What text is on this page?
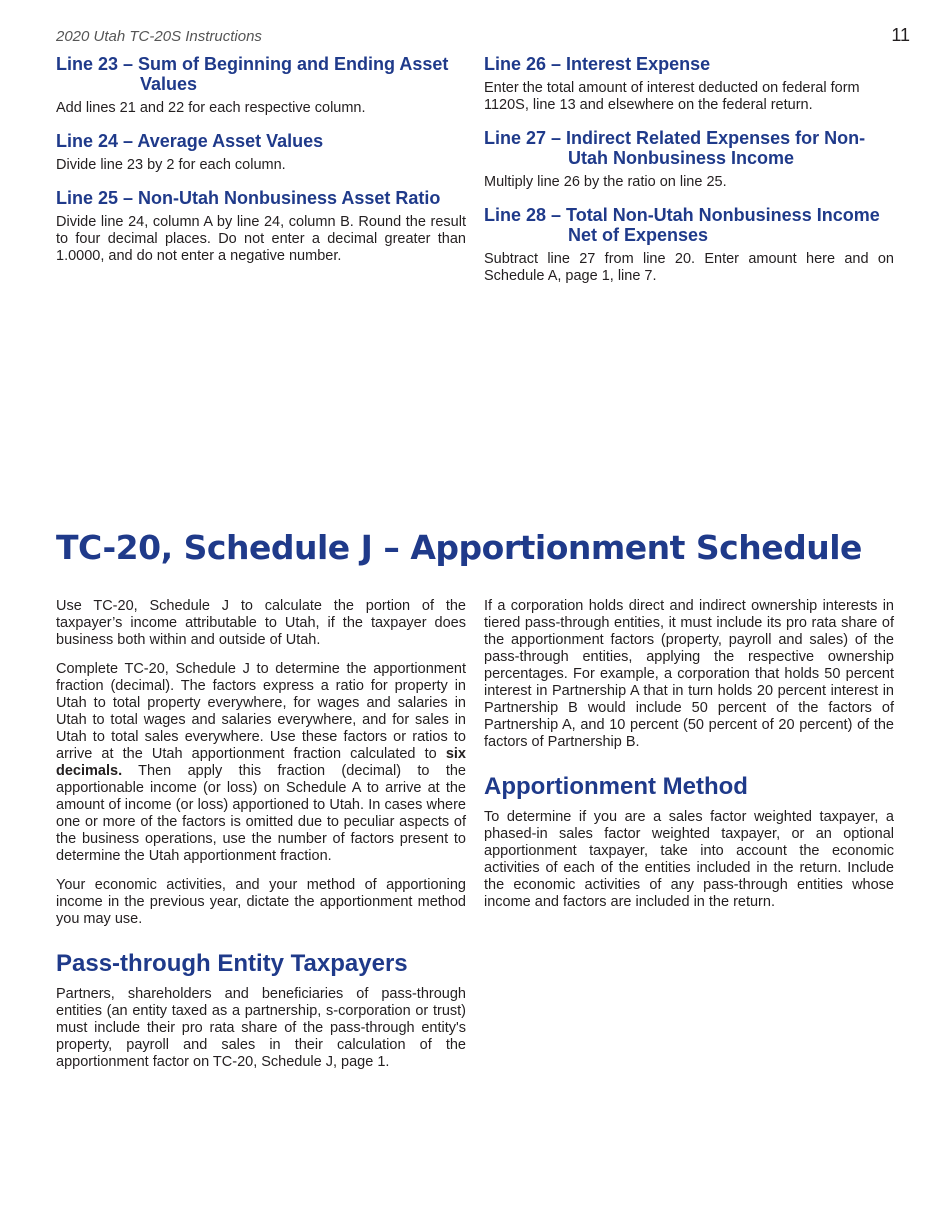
2020 Utah TC-20S Instructions	11
Line 23 – Sum of Beginning and Ending Asset Values

Add lines 21 and 22 for each respective column.

Line 24 – Average Asset Values

Divide line 23 by 2 for each column.

Line 25 – Non-Utah Nonbusiness Asset Ratio

Divide line 24, column A by line 24, column B. Round the result to four decimal places. Do not enter a decimal greater than 1.0000, and do not enter a negative number.

Line 26 – Interest Expense

Enter the total amount of interest deducted on federal form 1120S, line 13 and elsewhere on the federal return.

Line 27 – Indirect Related Expenses for Non-Utah Nonbusiness Income

Multiply line 26 by the ratio on line 25.

Line 28 – Total Non-Utah Nonbusiness Income Net of Expenses

Subtract line 27 from line 20. Enter amount here and on Schedule A, page 1, line 7.

TC-20, Schedule J – Apportionment Schedule

Use TC-20, Schedule J to calculate the portion of the taxpayer’s income attributable to Utah, if the taxpayer does business both within and outside of Utah.

Complete TC-20, Schedule J to determine the apportionment fraction (decimal). The factors express a ratio for property in Utah to total property everywhere, for wages and salaries in Utah to total wages and salaries everywhere, and for sales in Utah to total sales everywhere. Use these factors or ratios to arrive at the Utah apportionment fraction calculated to six decimals. Then apply this fraction (decimal) to the apportionable income (or loss) on Schedule A to arrive at the amount of income (or loss) apportioned to Utah. In cases where one or more of the factors is omitted due to peculiar aspects of the business operations, use the number of factors present to determine the Utah apportionment fraction.

Your economic activities, and your method of apportioning income in the previous year, dictate the apportionment method you may use.

Pass-through Entity Taxpayers

Partners, shareholders and beneficiaries of pass-through entities (an entity taxed as a partnership, s-corporation or trust) must include their pro rata share of the pass-through entity's property, payroll and sales in their calculation of the apportionment factor on TC-20, Schedule J, page 1.

If a corporation holds direct and indirect ownership interests in tiered pass-through entities, it must include its pro rata share of the apportionment factors (property, payroll and sales) of the pass-through entities, applying the respective ownership percentages. For example, a corporation that holds 50 percent interest in Partnership A that in turn holds 20 percent interest in Partnership B would include 50 percent of the factors of Partnership A, and 10 percent (50 percent of 20 percent) of the factors of Partnership B.

Apportionment Method

To determine if you are a sales factor weighted taxpayer, a phased-in sales factor weighted taxpayer, or an optional apportionment taxpayer, take into account the economic activities of each of the entities included in the return. Include the economic activities of any pass-through entities whose income and factors are included in the return.
